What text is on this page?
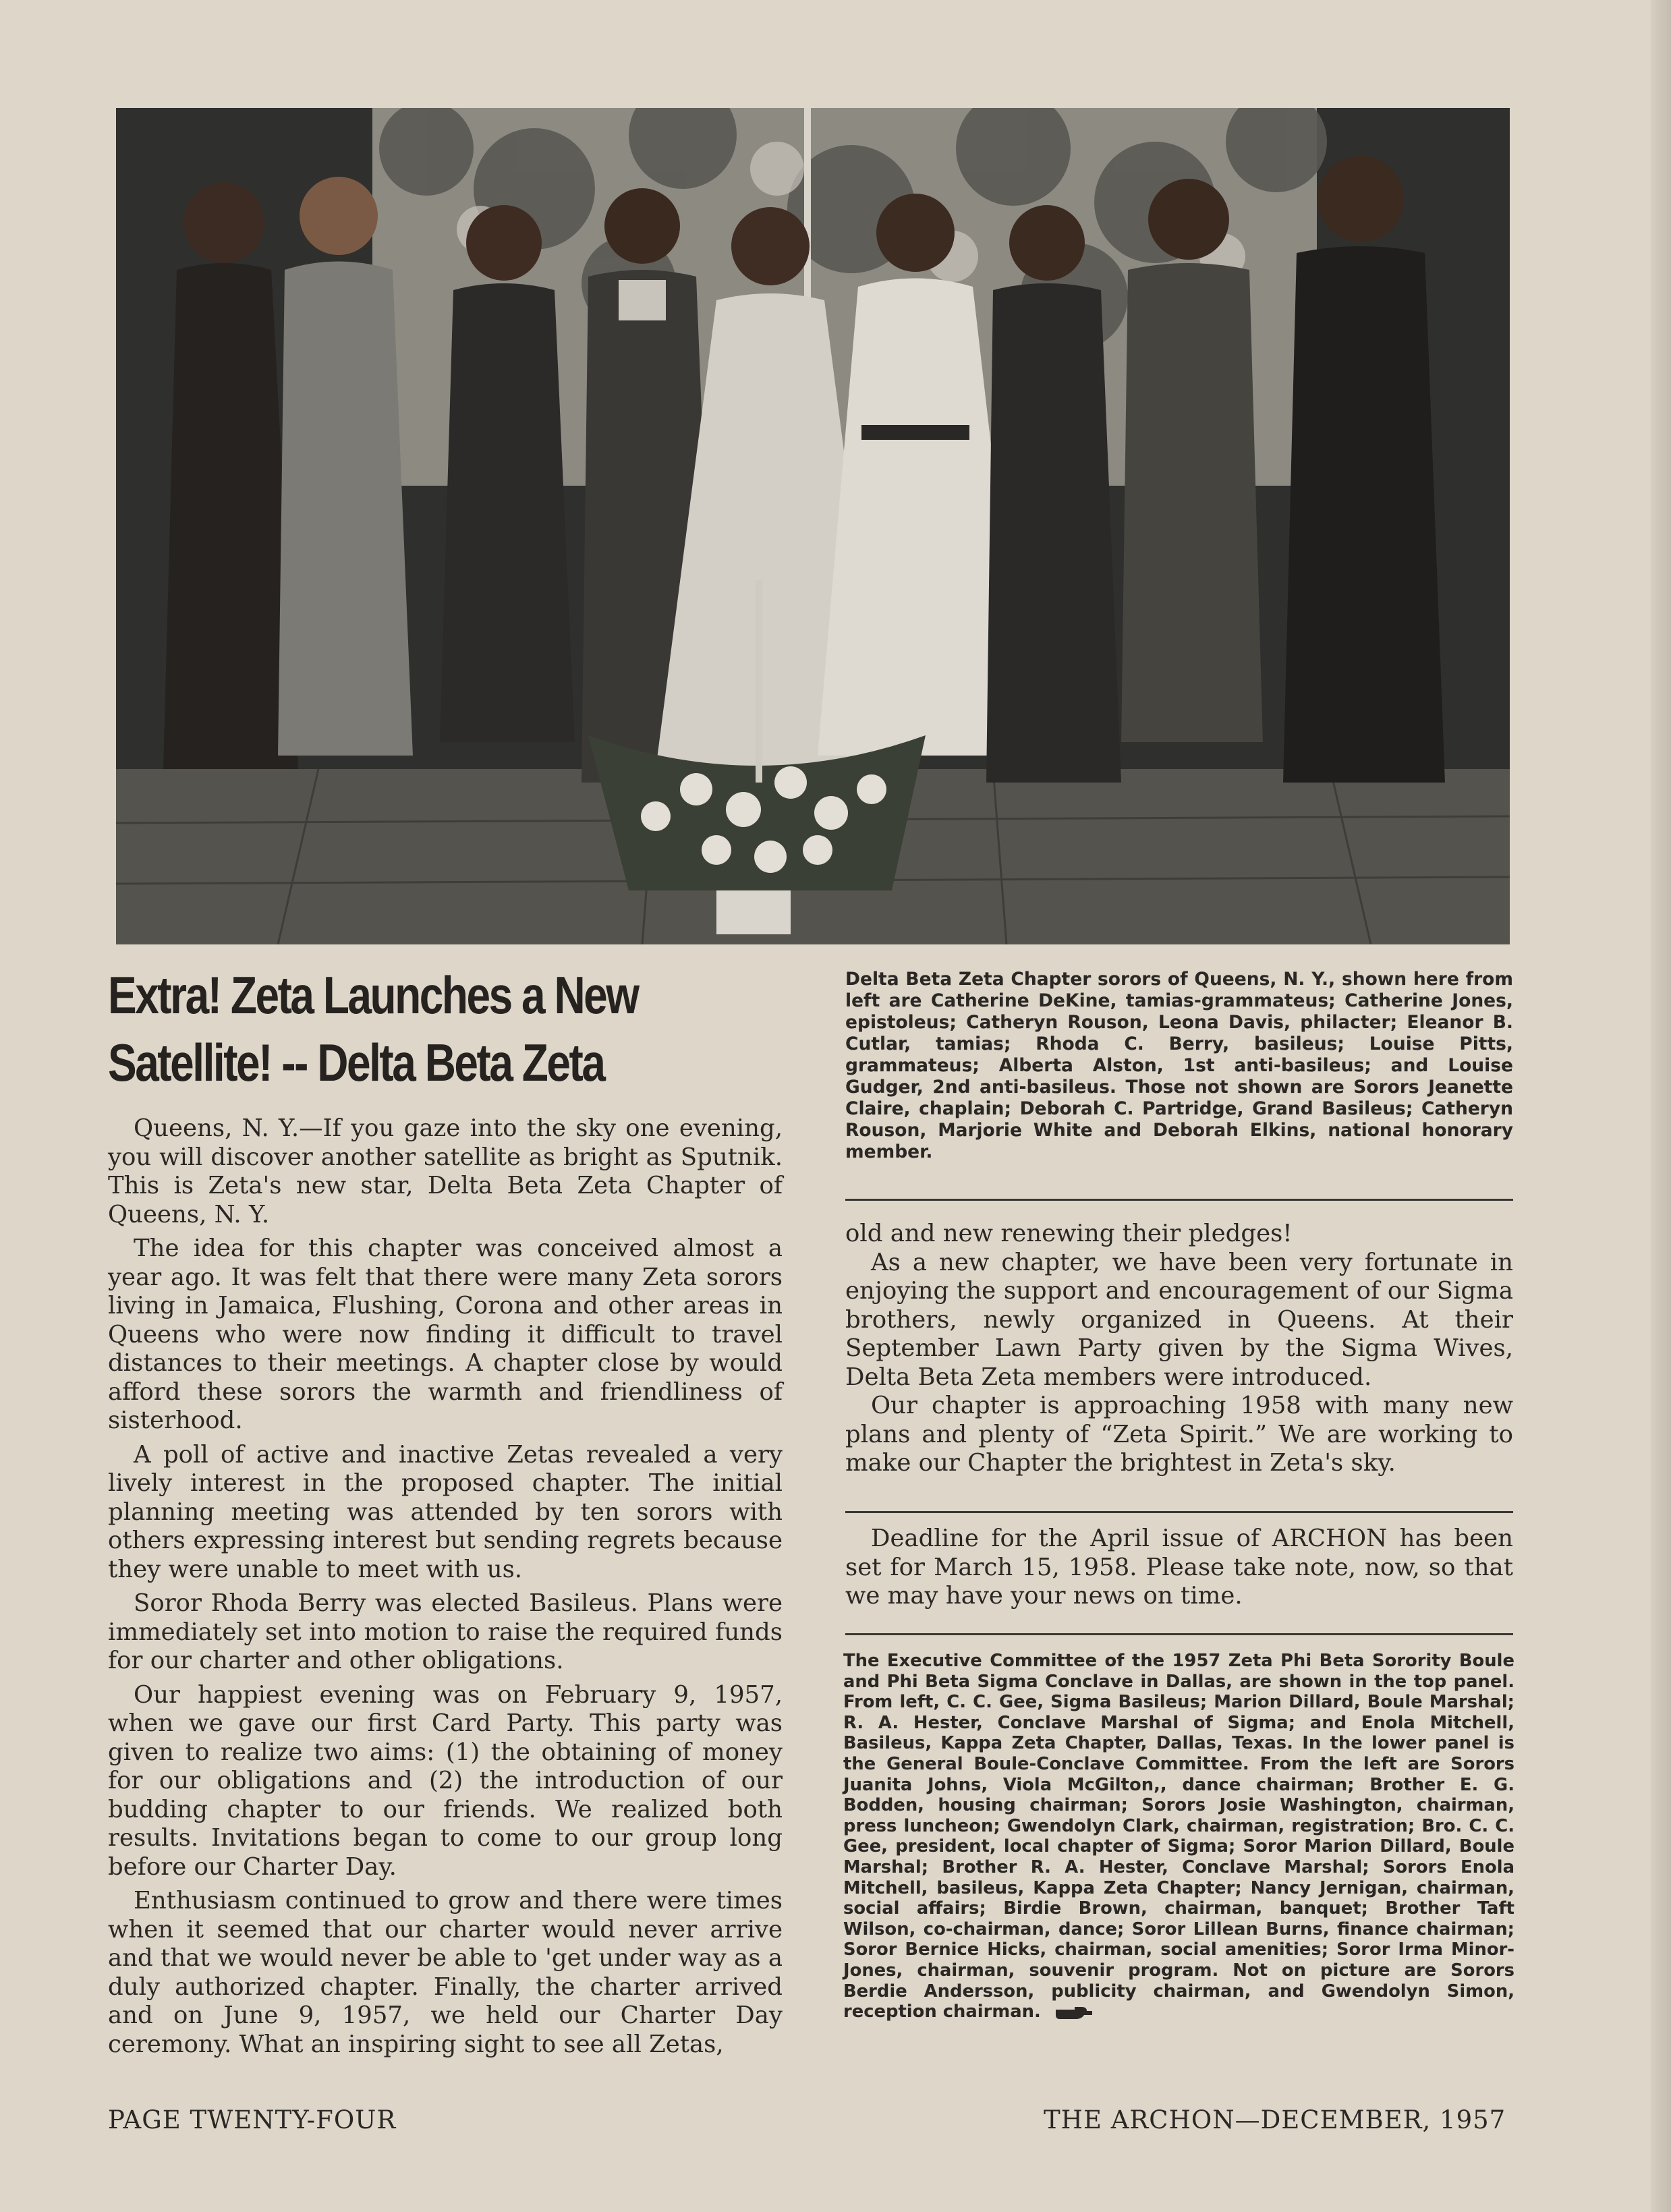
Extra! Zeta Launches a New
Satellite! -- Delta Beta Zeta

Delta Beta Zeta Chapter sorors of Queens, N. Y., shown here from left are Catherine DeKine, tamias-grammateus; Catherine Jones, epistoleus; Catheryn Rouson, Leona Davis, philacter; Eleanor B. Cutlar, tamias; Rhoda C. Berry, basileus; Louise Pitts, grammateus; Alberta Alston, 1st anti-basileus; and Louise Gudger, 2nd anti-basileus. Those not shown are Sorors Jeanette Claire, chaplain; Deborah C. Partridge, Grand Basileus; Catheryn Rouson, Marjorie White and Deborah Elkins, national honorary member.

Queens, N. Y.—If you gaze into the sky one evening, you will discover another satellite as bright as Sputnik. This is Zeta's new star, Delta Beta Zeta Chapter of Queens, N. Y.

The idea for this chapter was conceived almost a year ago. It was felt that there were many Zeta sorors living in Jamaica, Flushing, Corona and other areas in Queens who were now finding it difficult to travel distances to their meetings. A chapter close by would afford these sorors the warmth and friendliness of sisterhood.

A poll of active and inactive Zetas revealed a very lively interest in the proposed chapter. The initial planning meeting was attended by ten sorors with others expressing interest but sending regrets because they were unable to meet with us.

Soror Rhoda Berry was elected Basileus. Plans were immediately set into motion to raise the required funds for our charter and other obligations.

Our happiest evening was on February 9, 1957, when we gave our first Card Party. This party was given to realize two aims: (1) the obtaining of money for our obligations and (2) the introduction of our budding chapter to our friends. We realized both results. Invitations began to come to our group long before our Charter Day.

Enthusiasm continued to grow and there were times when it seemed that our charter would never arrive and that we would never be able to 'get under way as a duly authorized chapter. Finally, the charter arrived and on June 9, 1957, we held our Charter Day ceremony. What an inspiring sight to see all Zetas,

old and new renewing their pledges!

As a new chapter, we have been very fortunate in enjoying the support and encouragement of our Sigma brothers, newly organized in Queens. At their September Lawn Party given by the Sigma Wives, Delta Beta Zeta members were introduced.

Our chapter is approaching 1958 with many new plans and plenty of “Zeta Spirit.” We are working to make our Chapter the brightest in Zeta's sky.

Deadline for the April issue of ARCHON has been set for March 15, 1958. Please take note, now, so that we may have your news on time.

The Executive Committee of the 1957 Zeta Phi Beta Sorority Boule and Phi Beta Sigma Conclave in Dallas, are shown in the top panel. From left, C. C. Gee, Sigma Basileus; Marion Dillard, Boule Marshal; R. A. Hester, Conclave Marshal of Sigma; and Enola Mitchell, Basileus, Kappa Zeta Chapter, Dallas, Texas. In the lower panel is the General Boule-Conclave Committee. From the left are Sorors Juanita Johns, Viola McGilton,, dance chairman; Brother E. G. Bodden, housing chairman; Sorors Josie Washington, chairman, press luncheon; Gwendolyn Clark, chairman, registration; Bro. C. C. Gee, president, local chapter of Sigma; Soror Marion Dillard, Boule Marshal; Brother R. A. Hester, Conclave Marshal; Sorors Enola Mitchell, basileus, Kappa Zeta Chapter; Nancy Jernigan, chairman, social affairs; Birdie Brown, chairman, banquet; Brother Taft Wilson, co-chairman, dance; Soror Lillean Burns, finance chairman; Soror Bernice Hicks, chairman, social amenities; Soror Irma Minor-Jones, chairman, souvenir program. Not on picture are Sorors Berdie Andersson, publicity chairman, and Gwendolyn Simon, reception chairman.

PAGE TWENTY-FOUR	THE ARCHON—DECEMBER, 1957
